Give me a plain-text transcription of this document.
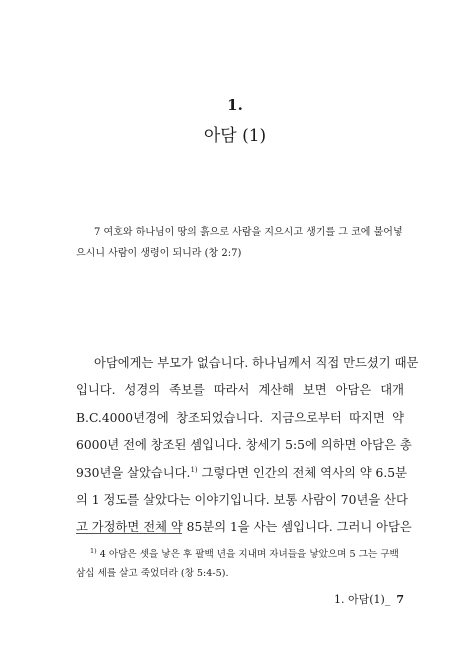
1.
아담 (1)

7 여호와 하나님이 땅의 흙으로 사람을 지으시고 생기를 그 코에 불어넣으시니 사람이 생령이 되니라 (창 2:7)

아담에게는 부모가 없습니다. 하나님께서 직접 만드셨기 때문
입니다. 성경의 족보를 따라서 계산해 보면 아담은 대개
B.C.4000년경에 창조되었습니다. 지금으로부터 따지면 약
6000년 전에 창조된 셈입니다. 창세기 5:5에 의하면 아담은 총
930년을 살았습니다.$^{1)}$ 그렇다면 인간의 전체 역사의 약 6.5분
의 1 정도를 살았다는 이야기입니다. 보통 사람이 70년을 산다
고 가정하면 전체 약 85분의 1을 사는 셈입니다. 그러니 아담은

$^{1)}$ 4 아담은 셋을 낳은 후 팔백 년을 지내며 자녀들을 낳았으며 5 그는 구백삼십 세를 살고 죽었더라 (창 5:4-5).

1. 아담(1)_ 7
